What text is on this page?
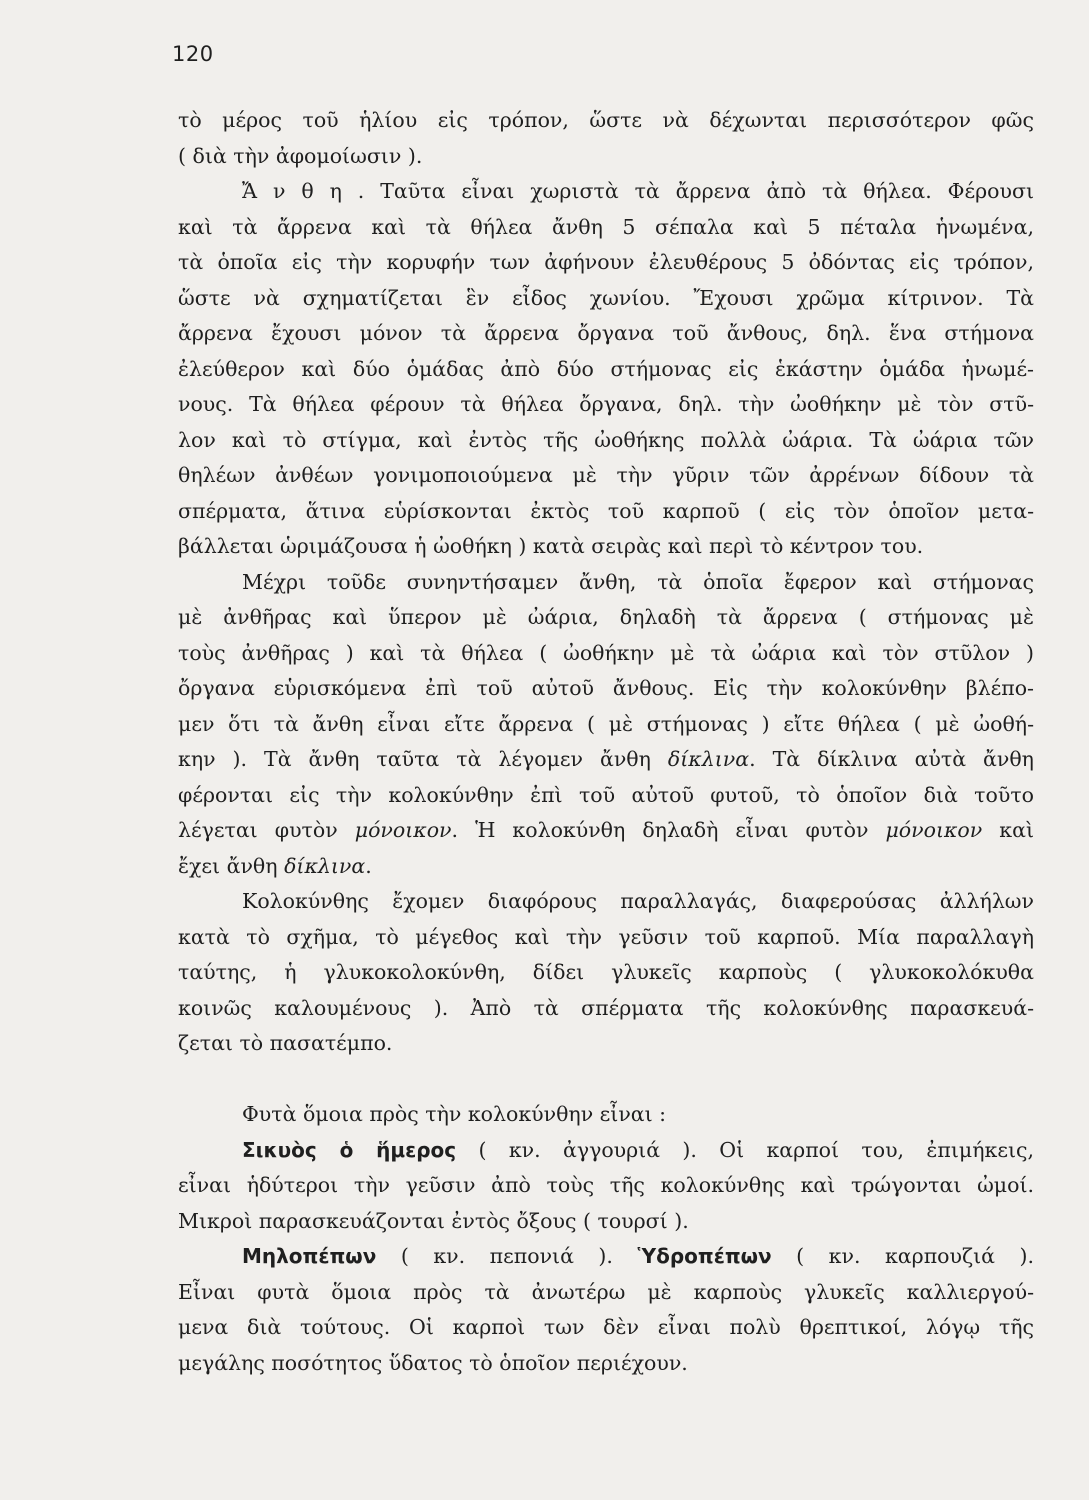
120
τὸ μέρος τοῦ ἡλίου εἰς τρόπον, ὥστε νὰ δέχωνται περισσότερον φῶς
( διὰ τὴν ἀφομοίωσιν ).
Ἄ ν θ η . Ταῦτα εἶναι χωριστὰ τὰ ἄρρενα ἀπὸ τὰ θήλεα. Φέρουσι
καὶ τὰ ἄρρενα καὶ τὰ θήλεα ἄνθη 5 σέπαλα καὶ 5 πέταλα ἡνωμένα,
τὰ ὁποῖα εἰς τὴν κορυφήν των ἀφήνουν ἐλευθέρους 5 ὀδόντας εἰς τρόπον,
ὥστε νὰ σχηματίζεται ἓν εἶδος χωνίου. Ἔχουσι χρῶμα κίτρινον. Τὰ
ἄρρενα ἔχουσι μόνον τὰ ἄρρενα ὄργανα τοῦ ἄνθους, δηλ. ἕνα στήμονα
ἐλεύθερον καὶ δύο ὁμάδας ἀπὸ δύο στήμονας εἰς ἑκάστην ὁμάδα ἡνωμέ-
νους. Τὰ θήλεα φέρουν τὰ θήλεα ὄργανα, δηλ. τὴν ὠοθήκην μὲ τὸν στῦ-
λον καὶ τὸ στίγμα, καὶ ἐντὸς τῆς ὠοθήκης πολλὰ ὠάρια. Τὰ ὠάρια τῶν
θηλέων ἀνθέων γονιμοποιούμενα μὲ τὴν γῦριν τῶν ἀρρένων δίδουν τὰ
σπέρματα, ἅτινα εὑρίσκονται ἐκτὸς τοῦ καρποῦ ( εἰς τὸν ὁποῖον μετα-
βάλλεται ὡριμάζουσα ἡ ὠοθήκη ) κατὰ σειρὰς καὶ περὶ τὸ κέντρον του.
Μέχρι τοῦδε συνηντήσαμεν ἄνθη, τὰ ὁποῖα ἔφερον καὶ στήμονας
μὲ ἀνθῆρας καὶ ὕπερον μὲ ὠάρια, δηλαδὴ τὰ ἄρρενα ( στήμονας μὲ
τοὺς ἀνθῆρας ) καὶ τὰ θήλεα ( ὠοθήκην μὲ τὰ ὠάρια καὶ τὸν στῦλον )
ὄργανα εὑρισκόμενα ἐπὶ τοῦ αὐτοῦ ἄνθους. Εἰς τὴν κολοκύνθην βλέπο-
μεν ὅτι τὰ ἄνθη εἶναι εἴτε ἄρρενα ( μὲ στήμονας ) εἴτε θήλεα ( μὲ ὠοθή-
κην ). Τὰ ἄνθη ταῦτα τὰ λέγομεν ἄνθη δίκλινα. Τὰ δίκλινα αὐτὰ ἄνθη
φέρονται εἰς τὴν κολοκύνθην ἐπὶ τοῦ αὐτοῦ φυτοῦ, τὸ ὁποῖον διὰ τοῦτο
λέγεται φυτὸν μόνοικον. Ἡ κολοκύνθη δηλαδὴ εἶναι φυτὸν μόνοικον καὶ
ἔχει ἄνθη δίκλινα.
Κολοκύνθης ἔχομεν διαφόρους παραλλαγάς, διαφερούσας ἀλλήλων
κατὰ τὸ σχῆμα, τὸ μέγεθος καὶ τὴν γεῦσιν τοῦ καρποῦ. Μία παραλλαγὴ
ταύτης, ἡ γλυκοκολοκύνθη, δίδει γλυκεῖς καρποὺς ( γλυκοκολόκυθα
κοινῶς καλουμένους ). Ἀπὸ τὰ σπέρματα τῆς κολοκύνθης παρασκευά-
ζεται τὸ πασατέμπο.
Φυτὰ ὅμοια πρὸς τὴν κολοκύνθην εἶναι :
Σικυὸς ὁ ἥμερος ( κν. ἀγγουριά ). Οἱ καρποί του, ἐπιμήκεις,
εἶναι ἡδύτεροι τὴν γεῦσιν ἀπὸ τοὺς τῆς κολοκύνθης καὶ τρώγονται ὠμοί.
Μικροὶ παρασκευάζονται ἐντὸς ὄξους ( τουρσί ).
Μηλοπέπων ( κν. πεπονιά ). Ὑδροπέπων ( κν. καρπουζιά ).
Εἶναι φυτὰ ὅμοια πρὸς τὰ ἀνωτέρω μὲ καρποὺς γλυκεῖς καλλιεργού-
μενα διὰ τούτους. Οἱ καρποὶ των δὲν εἶναι πολὺ θρεπτικοί, λόγῳ τῆς
μεγάλης ποσότητος ὕδατος τὸ ὁποῖον περιέχουν.
